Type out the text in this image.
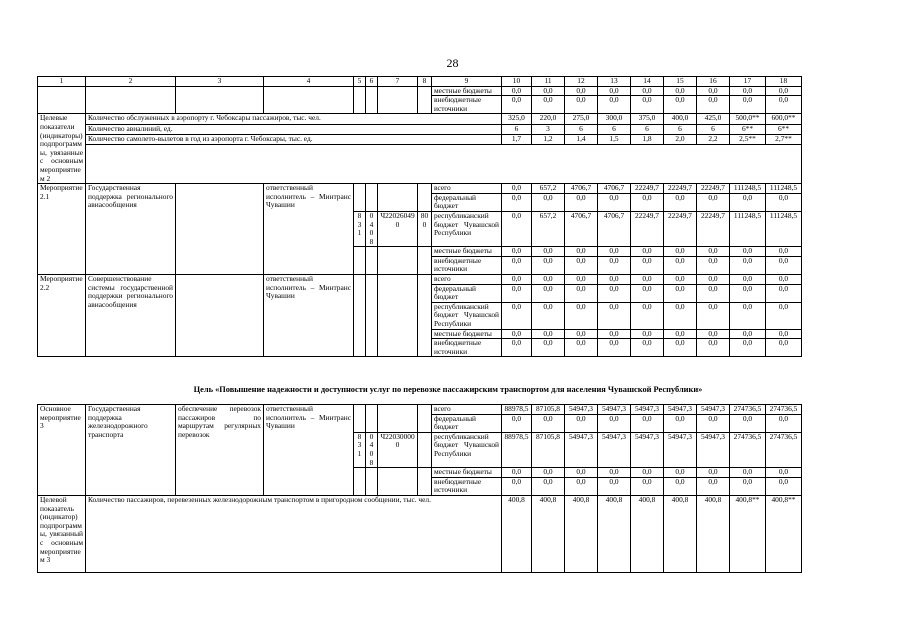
28
1	2	3	4	5	6	7	8	9	10	11	12	13	14	15	16	17	18
								местные бюджеты	0,0	0,0	0,0	0,0	0,0	0,0	0,0	0,0	0,0
								внебюджетные источники	0,0	0,0	0,0	0,0	0,0	0,0	0,0	0,0	0,0
Целевые показатели (индикаторы) подпрограммы, увязанные с основным мероприятием 2	Количество обслуженных в аэропорту г. Чебоксары пассажиров, тыс. чел.								325,0	220,0	275,0	300,0	375,0	400,0	425,0	500,0**	600,0**
	Количество авиалиний, ед.								6	3	6	6	6	6	6	6**	6**
	Количество самолето-вылетов в год из аэропорта г. Чебоксары, тыс. ед.								1,7	1,2	1,4	1,5	1,8	2,0	2,2	2,5**	2,7**

Мероприятие 2.1	Государственная поддержка регионального авиасообщения		ответственный исполнитель – Минтранс Чувашии					всего	0,0	657,2	4706,7	4706,7	22249,7	22249,7	22249,7	111248,5	111248,5
								федеральный бюджет	0,0	0,0	0,0	0,0	0,0	0,0	0,0	0,0	0,0
				831	04 08	Ч220260490	800	республиканский бюджет Чувашской Республики	0,0	657,2	4706,7	4706,7	22249,7	22249,7	22249,7	111248,5	111248,5
								местные бюджеты	0,0	0,0	0,0	0,0	0,0	0,0	0,0	0,0	0,0
								внебюджетные источники	0,0	0,0	0,0	0,0	0,0	0,0	0,0	0,0	0,0
Мероприятие 2.2	Совершенствование системы государственной поддержки регионального авиасообщения		ответственный исполнитель – Минтранс Чувашии					всего	0,0	0,0	0,0	0,0	0,0	0,0	0,0	0,0	0,0
								федеральный бюджет	0,0	0,0	0,0	0,0	0,0	0,0	0,0	0,0	0,0
								республиканский бюджет Чувашской Республики	0,0	0,0	0,0	0,0	0,0	0,0	0,0	0,0	0,0
								местные бюджеты	0,0	0,0	0,0	0,0	0,0	0,0	0,0	0,0	0,0
								внебюджетные источники	0,0	0,0	0,0	0,0	0,0	0,0	0,0	0,0	0,0
Цель «Повышение надежности и доступности услуг по перевозке пассажирским транспортом для населения Чувашской Республики»
Основное мероприятие 3	Государственная поддержка железнодорожного транспорта	обеспечение перевозок пассажиров по маршрутам регулярных перевозок	ответственный исполнитель – Минтранс Чувашии					всего	88978,5	87105,8	54947,3	54947,3	54947,3	54947,3	54947,3	274736,5	274736,5
								федеральный бюджет	0,0	0,0	0,0	0,0	0,0	0,0	0,0	0,0	0,0
				831	04 08	Ч220300000		республиканский бюджет Чувашской Республики	88978,5	87105,8	54947,3	54947,3	54947,3	54947,3	54947,3	274736,5	274736,5
								местные бюджеты	0,0	0,0	0,0	0,0	0,0	0,0	0,0	0,0	0,0
								внебюджетные источники	0,0	0,0	0,0	0,0	0,0	0,0	0,0	0,0	0,0
Целевой показатель (индикатор) подпрограммы, увязанный с основным мероприятием 3	Количество пассажиров, перевезенных железнодорожным транспортом в пригородном сообщении, тыс. чел.								400,8	400,8	400,8	400,8	400,8	400,8	400,8	400,8**	400,8**
